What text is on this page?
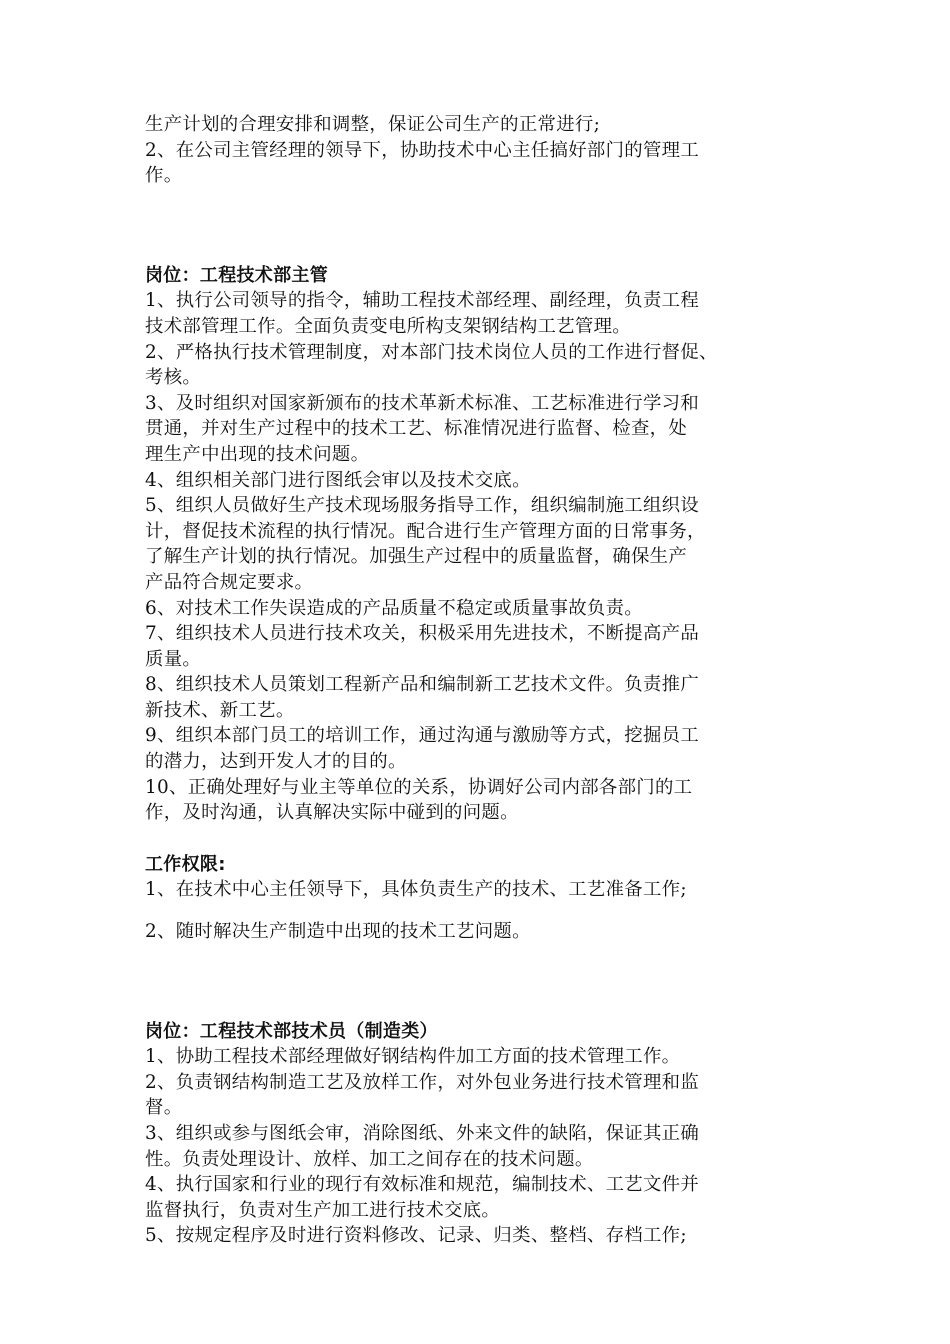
生产计划的合理安排和调整，保证公司生产的正常进行;
2、在公司主管经理的领导下，协助技术中心主任搞好部门的管理工
作。
岗位：工程技术部主管
1、执行公司领导的指令，辅助工程技术部经理、副经理，负责工程
技术部管理工作。全面负责变电所构支架钢结构工艺管理。
2、严格执行技术管理制度，对本部门技术岗位人员的工作进行督促、
考核。
3、及时组织对国家新颁布的技术革新术标准、工艺标准进行学习和
贯通，并对生产过程中的技术工艺、标准情况进行监督、检查，处
理生产中出现的技术问题。
4、组织相关部门进行图纸会审以及技术交底。
5、组织人员做好生产技术现场服务指导工作，组织编制施工组织设
计，督促技术流程的执行情况。配合进行生产管理方面的日常事务，
了解生产计划的执行情况。加强生产过程中的质量监督，确保生产
产品符合规定要求。
6、对技术工作失误造成的产品质量不稳定或质量事故负责。
7、组织技术人员进行技术攻关，积极采用先进技术，不断提高产品
质量。
8、组织技术人员策划工程新产品和编制新工艺技术文件。负责推广
新技术、新工艺。
9、组织本部门员工的培训工作，通过沟通与激励等方式，挖掘员工
的潜力，达到开发人才的目的。
10、正确处理好与业主等单位的关系，协调好公司内部各部门的工
作，及时沟通，认真解决实际中碰到的问题。
工作权限:
1、在技术中心主任领导下，具体负责生产的技术、工艺准备工作;
2、随时解决生产制造中出现的技术工艺问题。
岗位：工程技术部技术员（制造类）
1、协助工程技术部经理做好钢结构件加工方面的技术管理工作。
2、负责钢结构制造工艺及放样工作，对外包业务进行技术管理和监
督。
3、组织或参与图纸会审，消除图纸、外来文件的缺陷，保证其正确
性。负责处理设计、放样、加工之间存在的技术问题。
4、执行国家和行业的现行有效标准和规范，编制技术、工艺文件并
监督执行，负责对生产加工进行技术交底。
5、按规定程序及时进行资料修改、记录、归类、整档、存档工作;
